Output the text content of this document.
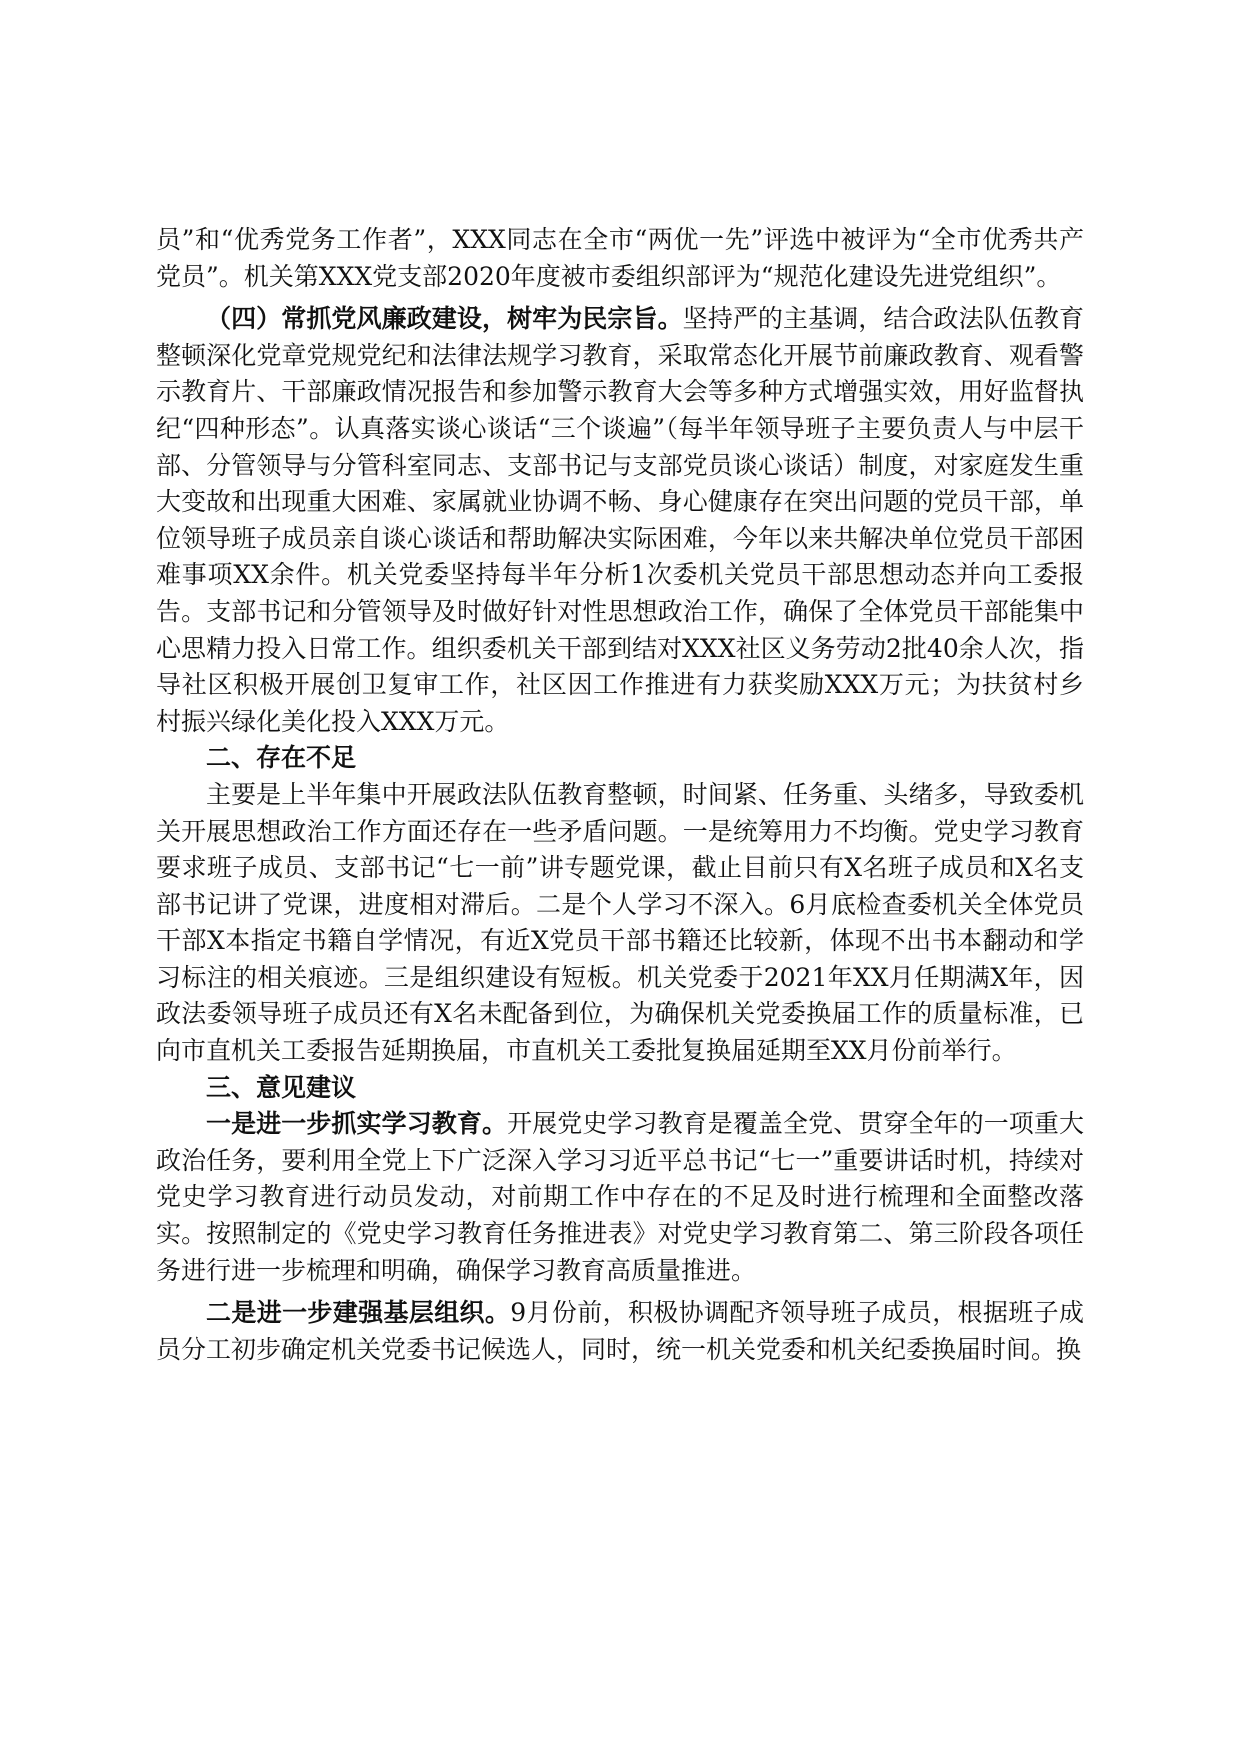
员”和“优秀党务工作者”，XXX同志在全市“两优一先”评选中被评为“全市优秀共产党员”。机关第XXX党支部2020年度被市委组织部评为“规范化建设先进党组织”。

（四）常抓党风廉政建设，树牢为民宗旨。坚持严的主基调，结合政法队伍教育整顿深化党章党规党纪和法律法规学习教育，采取常态化开展节前廉政教育、观看警示教育片、干部廉政情况报告和参加警示教育大会等多种方式增强实效，用好监督执纪“四种形态”。认真落实谈心谈话“三个谈遍”（每半年领导班子主要负责人与中层干部、分管领导与分管科室同志、支部书记与支部党员谈心谈话）制度，对家庭发生重大变故和出现重大困难、家属就业协调不畅、身心健康存在突出问题的党员干部，单位领导班子成员亲自谈心谈话和帮助解决实际困难，今年以来共解决单位党员干部困难事项XX余件。机关党委坚持每半年分析1次委机关党员干部思想动态并向工委报告。支部书记和分管领导及时做好针对性思想政治工作，确保了全体党员干部能集中心思精力投入日常工作。组织委机关干部到结对XXX社区义务劳动2批40余人次，指导社区积极开展创卫复审工作，社区因工作推进有力获奖励XXX万元；为扶贫村乡村振兴绿化美化投入XXX万元。

二、存在不足

主要是上半年集中开展政法队伍教育整顿，时间紧、任务重、头绪多，导致委机关开展思想政治工作方面还存在一些矛盾问题。一是统筹用力不均衡。党史学习教育要求班子成员、支部书记“七一前”讲专题党课，截止目前只有X名班子成员和X名支部书记讲了党课，进度相对滞后。二是个人学习不深入。6月底检查委机关全体党员干部X本指定书籍自学情况，有近X党员干部书籍还比较新，体现不出书本翻动和学习标注的相关痕迹。三是组织建设有短板。机关党委于2021年XX月任期满X年，因政法委领导班子成员还有X名未配备到位，为确保机关党委换届工作的质量标准，已向市直机关工委报告延期换届，市直机关工委批复换届延期至XX月份前举行。

三、意见建议

一是进一步抓实学习教育。开展党史学习教育是覆盖全党、贯穿全年的一项重大政治任务，要利用全党上下广泛深入学习习近平总书记“七一”重要讲话时机，持续对党史学习教育进行动员发动，对前期工作中存在的不足及时进行梳理和全面整改落实。按照制定的《党史学习教育任务推进表》对党史学习教育第二、第三阶段各项任务进行进一步梳理和明确，确保学习教育高质量推进。

二是进一步建强基层组织。9月份前，积极协调配齐领导班子成员，根据班子成员分工初步确定机关党委书记候选人，同时，统一机关党委和机关纪委换届时间。换
